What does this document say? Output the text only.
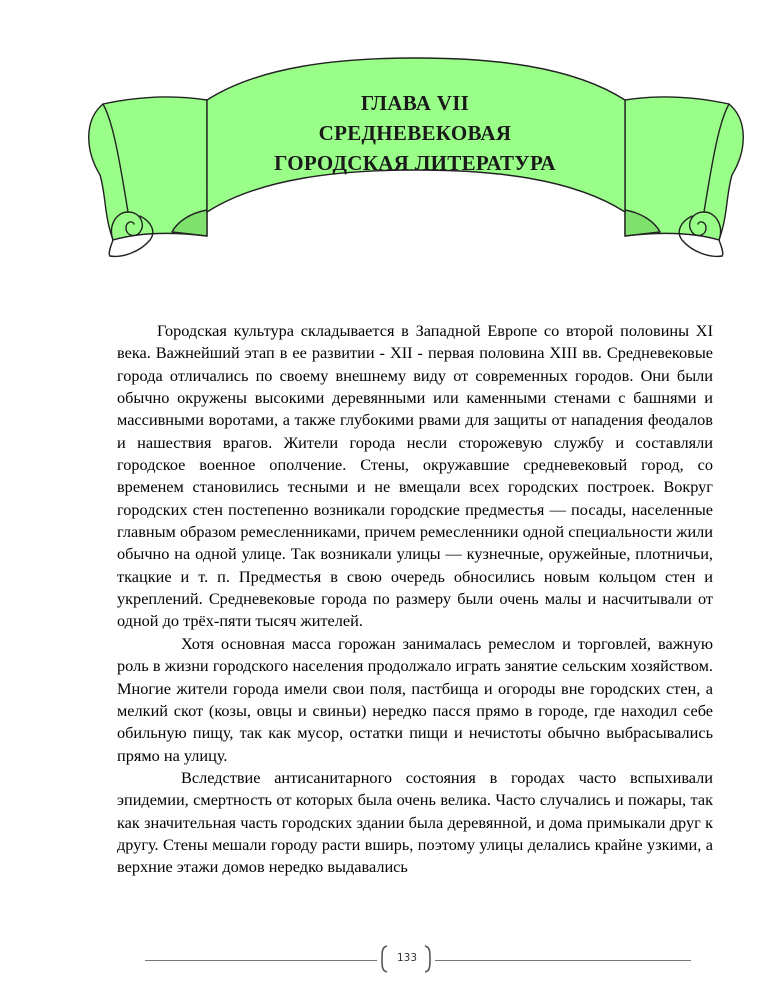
ГЛАВА VII
СРЕДНЕВЕКОВАЯ
ГОРОДСКАЯ ЛИТЕРАТУРА

Городская культура складывается в Западной Европе со второй половины XI века. Важнейший этап в ее развитии - XII - первая половина XIII вв. Средневековые города отличались по своему внешнему виду от современных городов. Они были обычно окружены высокими деревянными или каменными стенами с башнями и массивными воротами, а также глубокими рвами для защиты от нападения феодалов и нашествия врагов. Жители города несли сторожевую службу и составляли городское военное ополчение. Стены, окружавшие средневековый город, со временем становились тесными и не вмещали всех городских построек. Вокруг городских стен постепенно возникали городские предместья — посады, населенные главным образом ремесленниками, причем ремесленники одной специальности жили обычно на одной улице. Так возникали улицы — кузнечные, оружейные, плотничьи, ткацкие и т. п. Предместья в свою очередь обносились новым кольцом стен и укреплений. Средневековые города по размеру были очень малы и насчитывали от одной до трёх-пяти тысяч жителей.

Хотя основная масса горожан занималась ремеслом и торговлей, важную роль в жизни городского населения продолжало играть занятие сельским хозяйством. Многие жители города имели свои поля, пастбища и огороды вне городских стен, а мелкий скот (козы, овцы и свиньи) нередко пасся прямо в городе, где находил себе обильную пищу, так как мусор, остатки пищи и нечистоты обычно выбрасывались прямо на улицу.

Вследствие антисанитарного состояния в городах часто вспыхивали эпидемии, смертность от которых была очень велика. Часто случались и пожары, так как значительная часть городских здании была деревянной, и дома примыкали друг к другу. Стены мешали городу расти вширь, поэтому улицы делались крайне узкими, а верхние этажи домов нередко выдавались

133
